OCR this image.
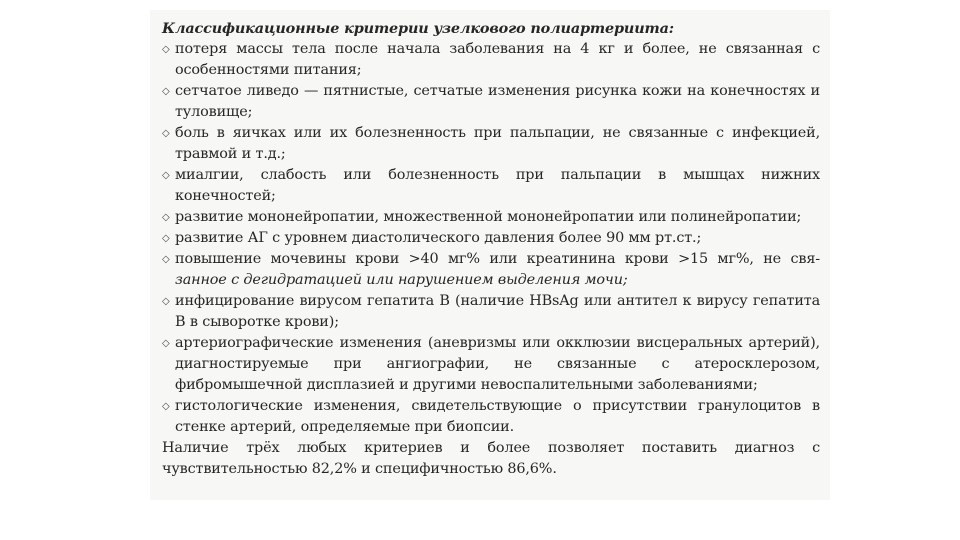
Классификационные критерии узелкового полиартериита:

◇ потеря массы тела после начала заболевания на 4 кг и более, не связанная с особенностями питания;
◇ сетчатое ливедо — пятнистые, сетчатые изменения рисунка кожи на конечностях и туловище;
◇ боль в яичках или их болезненность при пальпации, не связанные с инфекцией, травмой и т.д.;
◇ миалгии, слабость или болезненность при пальпации в мышцах нижних конечностей;
◇ развитие мононейропатии, множественной мононейропатии или полинейропатии;
◇ развитие АГ с уровнем диастолического давления более 90 мм рт.ст.;
◇ повышение мочевины крови >40 мг% или креатинина крови >15 мг%, не свя- занное с дегидратацией или нарушением выделения мочи;
◇ инфицирование вирусом гепатита B (наличие HBsAg или антител к вирусу гепатита B в сыворотке крови);
◇ артериографические изменения (аневризмы или окклюзии висцеральных артерий), диагностируемые при ангиографии, не связанные с атеросклерозом, фибромышечной дисплазией и другими невоспалительными заболеваниями;
◇ гистологические изменения, свидетельствующие о присутствии гранулоцитов в стенке артерий, определяемые при биопсии.

Наличие трёх любых критериев и более позволяет поставить диагноз с чувствительностью 82,2% и специфичностью 86,6%.
